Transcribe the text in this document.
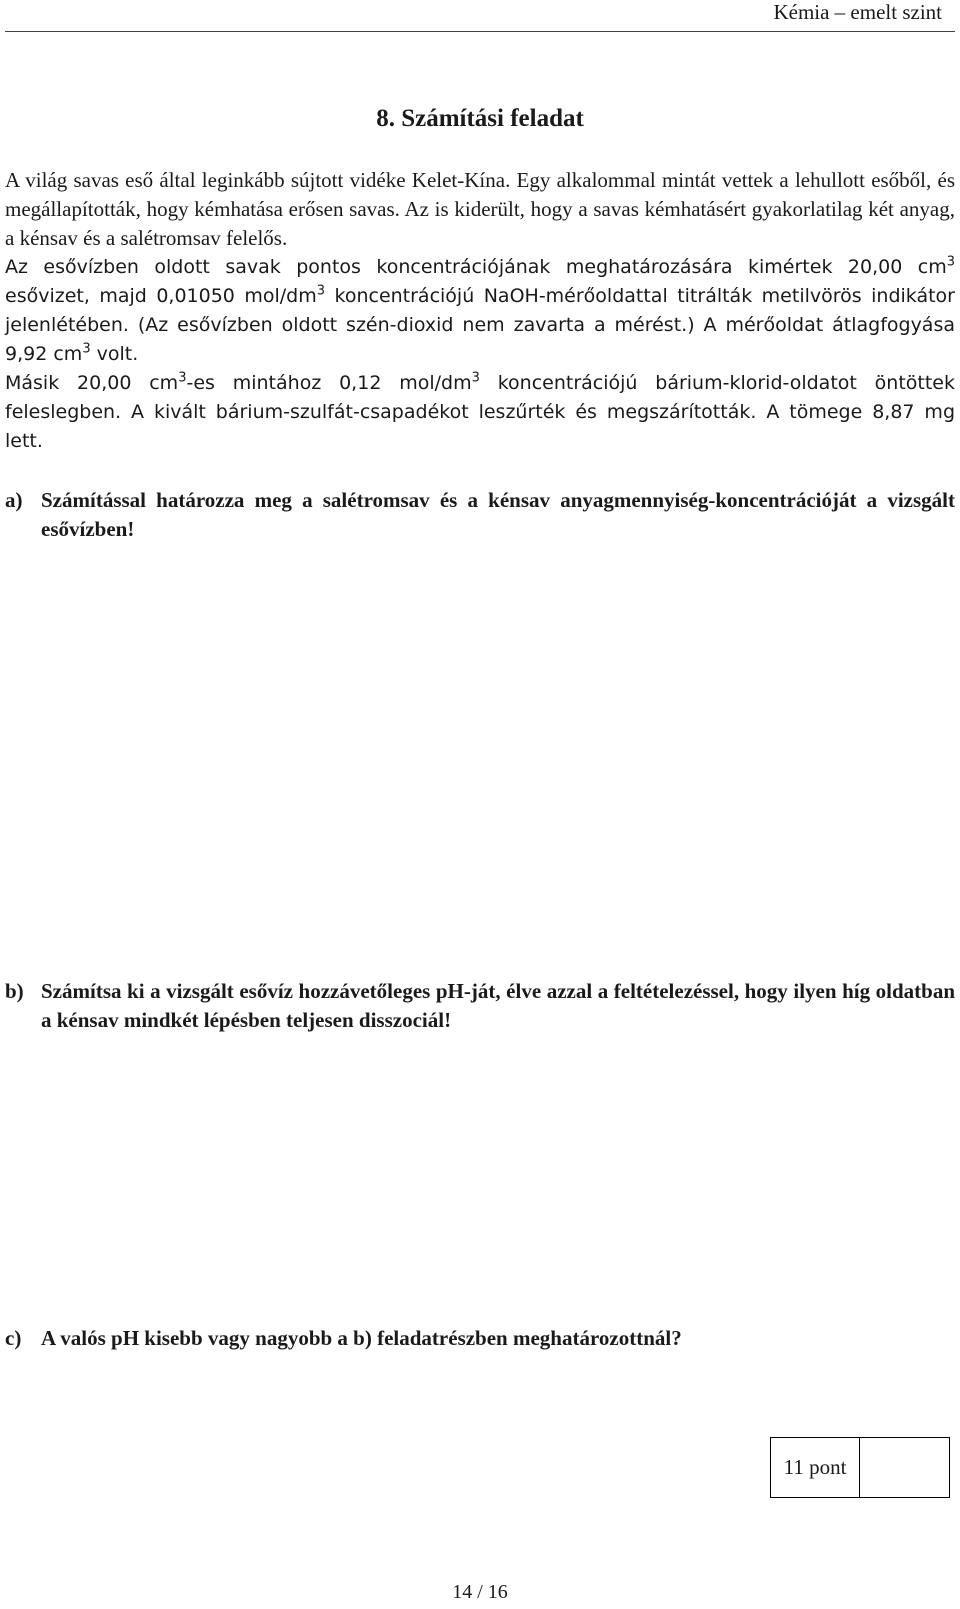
Kémia – emelt szint
8. Számítási feladat

A világ savas eső által leginkább sújtott vidéke Kelet-Kína. Egy alkalommal mintát vettek a lehullott esőből, és megállapították, hogy kémhatása erősen savas. Az is kiderült, hogy a savas kémhatásért gyakorlatilag két anyag, a kénsav és a salétromsav felelős.

Az esővízben oldott savak pontos koncentrációjának meghatározására kimértek 20,00 $cm^3$ esővizet, majd 0,01050 mol/$dm^3$ koncentrációjú NaOH-mérőoldattal titrálták metilvörös indikátor jelenlétében. (Az esővízben oldott szén-dioxid nem zavarta a mérést.) A mérőoldat átlagfogyása 9,92 $cm^3$ volt.

Másik 20,00 $cm^3-es$ mintához 0,12 mol/$dm^3$ koncentrációjú bárium-klorid-oldatot öntöttek feleslegben. A kivált bárium-szulfát-csapadékot leszűrték és megszárították. A tömege 8,87 mg lett.

a) Számítással határozza meg a salétromsav és a kénsav anyagmennyiség-koncentrációját a vizsgált esővízben!
b) Számítsa ki a vizsgált esővíz hozzávetőleges pH-ját, élve azzal a feltételezéssel, hogy ilyen híg oldatban a kénsav mindkét lépésben teljesen disszociál!
c) A valós pH kisebb vagy nagyobb a b) feladatrészben meghatározottnál?
11 pont
14 / 16
